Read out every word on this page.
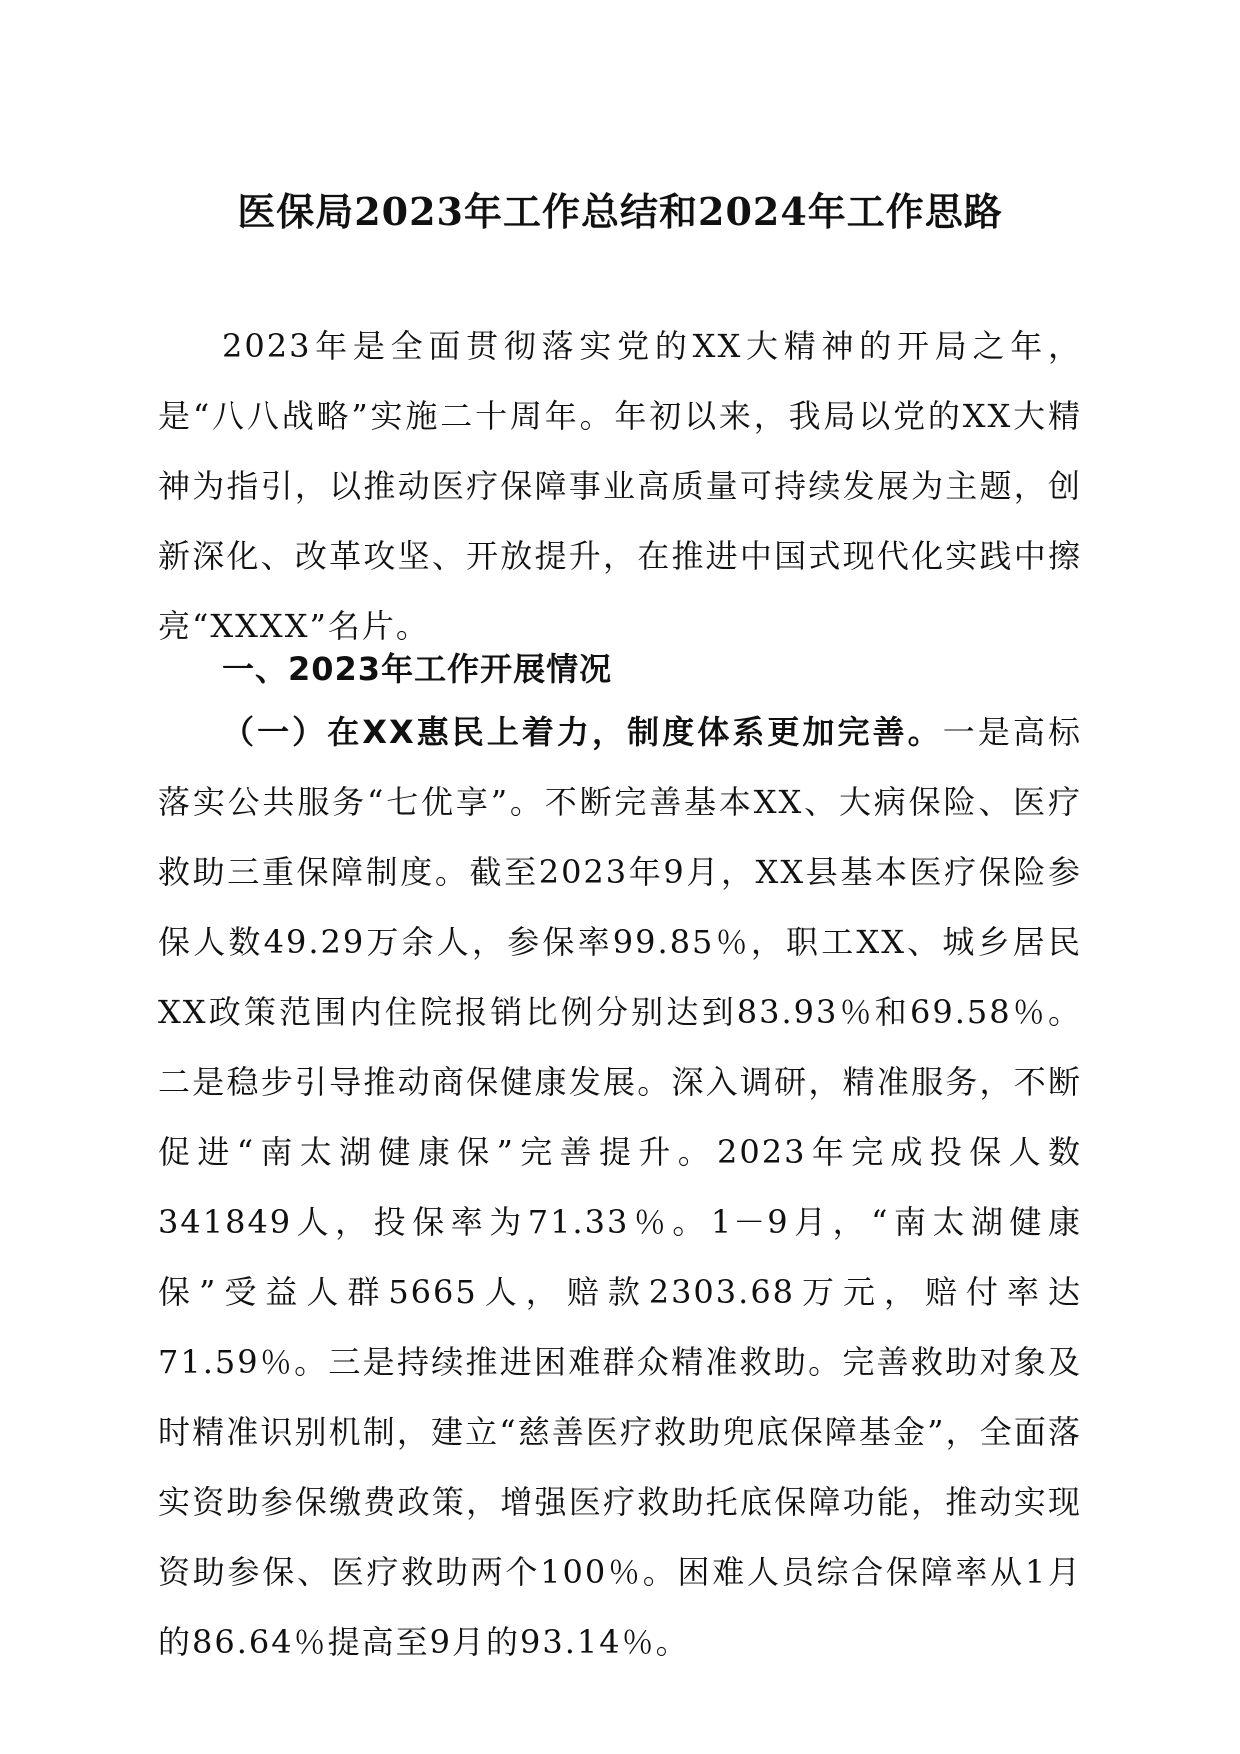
医保局2023年工作总结和2024年工作思路

2023年是全面贯彻落实党的XX大精神的开局之年，是“八八战略”实施二十周年。年初以来，我局以党的XX大精神为指引，以推动医疗保障事业高质量可持续发展为主题，创新深化、改革攻坚、开放提升，在推进中国式现代化实践中擦亮“XXXX”名片。

一、2023年工作开展情况

（一）在XX惠民上着力，制度体系更加完善。一是高标落实公共服务“七优享”。不断完善基本XX、大病保险、医疗救助三重保障制度。截至2023年9月，XX县基本医疗保险参保人数49.29万余人，参保率99.85％，职工XX、城乡居民XX政策范围内住院报销比例分别达到83.93％和69.58％。二是稳步引导推动商保健康发展。深入调研，精准服务，不断促进“南太湖健康保”完善提升。2023年完成投保人数341849人，投保率为71.33％。1－9月，“南太湖健康保”受益人群5665人，赔款2303.68万元，赔付率达71.59％。三是持续推进困难群众精准救助。完善救助对象及时精准识别机制，建立“慈善医疗救助兜底保障基金”，全面落实资助参保缴费政策，增强医疗救助托底保障功能，推动实现资助参保、医疗救助两个100％。困难人员综合保障率从1月的86.64％提高至9月的93.14％。
